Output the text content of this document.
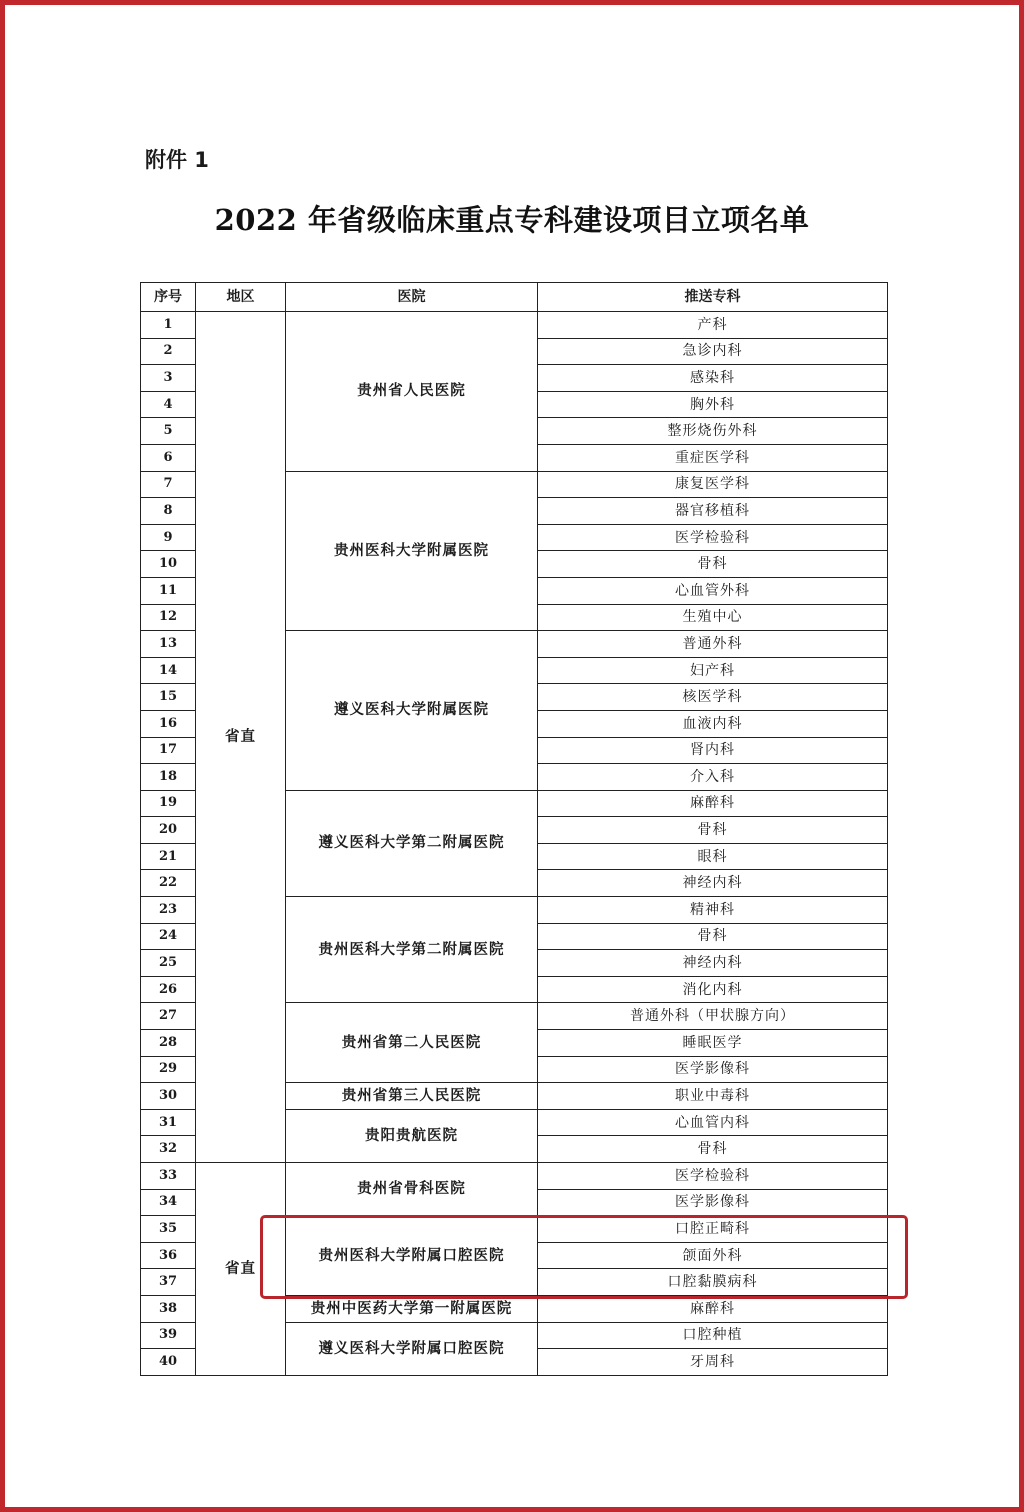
附件 1
2022 年省级临床重点专科建设项目立项名单
序号	地区	医院	推送专科
1	省直	贵州省人民医院	产科
2			急诊内科
3			感染科
4			胸外科
5			整形烧伤外科
6			重症医学科
7		贵州医科大学附属医院	康复医学科
8			器官移植科
9			医学检验科
10			骨科
11			心血管外科
12			生殖中心
13		遵义医科大学附属医院	普通外科
14			妇产科
15			核医学科
16			血液内科
17			肾内科
18			介入科
19		遵义医科大学第二附属医院	麻醉科
20			骨科
21			眼科
22			神经内科
23		贵州医科大学第二附属医院	精神科
24			骨科
25			神经内科
26			消化内科
27		贵州省第二人民医院	普通外科（甲状腺方向）
28			睡眠医学
29			医学影像科
30		贵州省第三人民医院	职业中毒科
31		贵阳贵航医院	心血管内科
32			骨科
33	省直	贵州省骨科医院	医学检验科
34			医学影像科
35		贵州医科大学附属口腔医院	口腔正畸科
36			颌面外科
37			口腔黏膜病科
38		贵州中医药大学第一附属医院	麻醉科
39		遵义医科大学附属口腔医院	口腔种植
40			牙周科
